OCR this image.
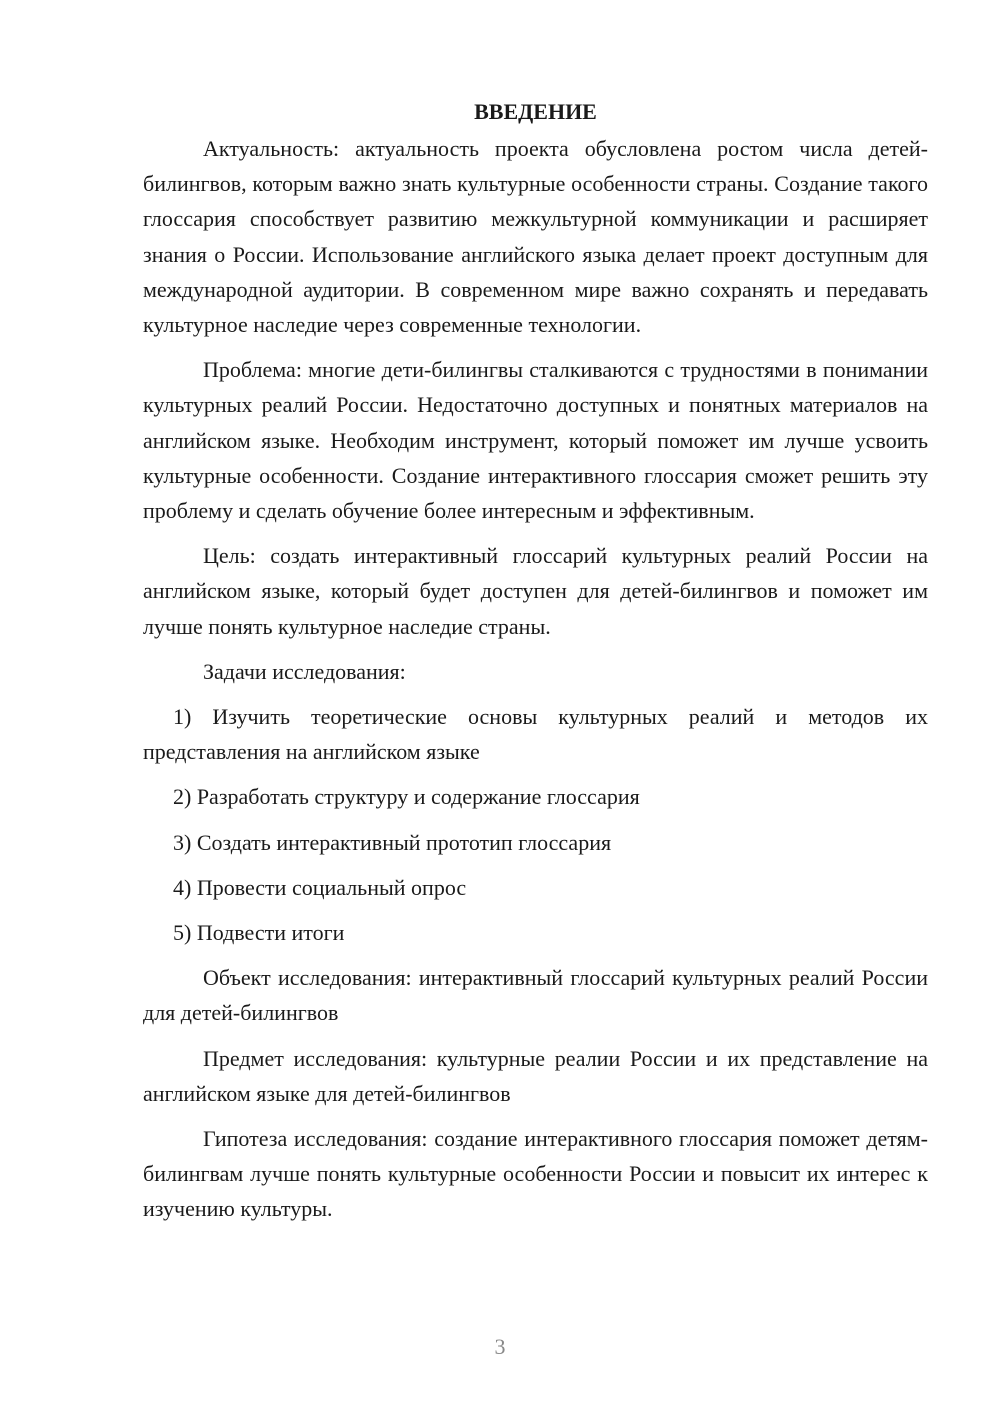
ВВЕДЕНИЕ

Актуальность: актуальность проекта обусловлена ростом числа детей-билингвов, которым важно знать культурные особенности страны. Создание такого глоссария способствует развитию межкультурной коммуникации и расширяет знания о России. Использование английского языка делает проект доступным для международной аудитории. В современном мире важно сохранять и передавать культурное наследие через современные технологии.

Проблема: многие дети-билингвы сталкиваются с трудностями в понимании культурных реалий России. Недостаточно доступных и понятных материалов на английском языке. Необходим инструмент, который поможет им лучше усвоить культурные особенности. Создание интерактивного глоссария сможет решить эту проблему и сделать обучение более интересным и эффективным.

Цель: создать интерактивный глоссарий культурных реалий России на английском языке, который будет доступен для детей-билингвов и поможет им лучше понять культурное наследие страны.

Задачи исследования:

1) Изучить теоретические основы культурных реалий и методов их представления на английском языке

2) Разработать структуру и содержание глоссария

3) Создать интерактивный прототип глоссария

4) Провести социальный опрос

5) Подвести итоги

Объект исследования: интерактивный глоссарий культурных реалий России для детей-билингвов

Предмет исследования: культурные реалии России и их представление на английском языке для детей-билингвов

Гипотеза исследования: создание интерактивного глоссария поможет детям-билингвам лучше понять культурные особенности России и повысит их интерес к изучению культуры.

3
